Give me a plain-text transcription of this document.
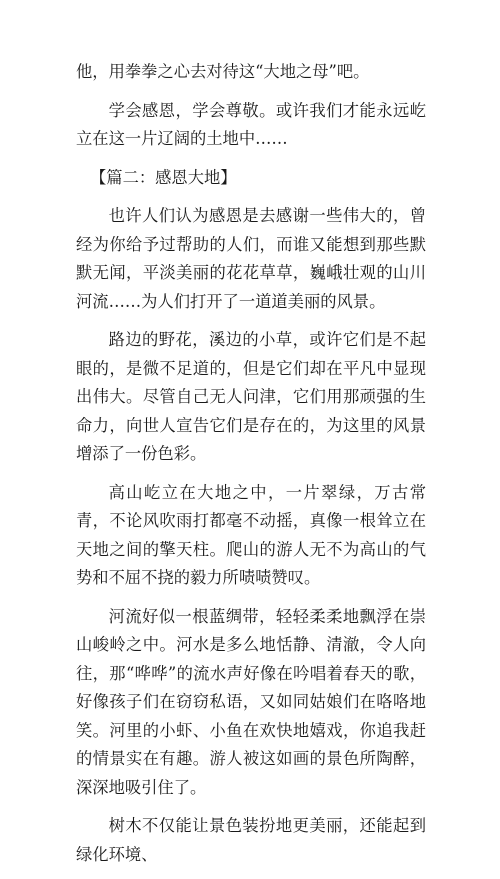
他，用拳拳之心去对待这“大地之母”吧。

学会感恩，学会尊敬。或许我们才能永远屹立在这一片辽阔的土地中……

【篇二：感恩大地】

也许人们认为感恩是去感谢一些伟大的，曾经为你给予过帮助的人们，而谁又能想到那些默默无闻，平淡美丽的花花草草，巍峨壮观的山川河流……为人们打开了一道道美丽的风景。

路边的野花，溪边的小草，或许它们是不起眼的，是微不足道的，但是它们却在平凡中显现出伟大。尽管自己无人问津，它们用那顽强的生命力，向世人宣告它们是存在的，为这里的风景增添了一份色彩。

高山屹立在大地之中，一片翠绿，万古常青，不论风吹雨打都毫不动摇，真像一根耸立在天地之间的擎天柱。爬山的游人无不为高山的气势和不屈不挠的毅力所啧啧赞叹。

河流好似一根蓝绸带，轻轻柔柔地飘浮在崇山峻岭之中。河水是多么地恬静、清澈，令人向往，那“哗哗”的流水声好像在吟唱着春天的歌，好像孩子们在窃窃私语，又如同姑娘们在咯咯地笑。河里的小虾、小鱼在欢快地嬉戏，你追我赶的情景实在有趣。游人被这如画的景色所陶醉，深深地吸引住了。

树木不仅能让景色装扮地更美丽，还能起到绿化环境、
